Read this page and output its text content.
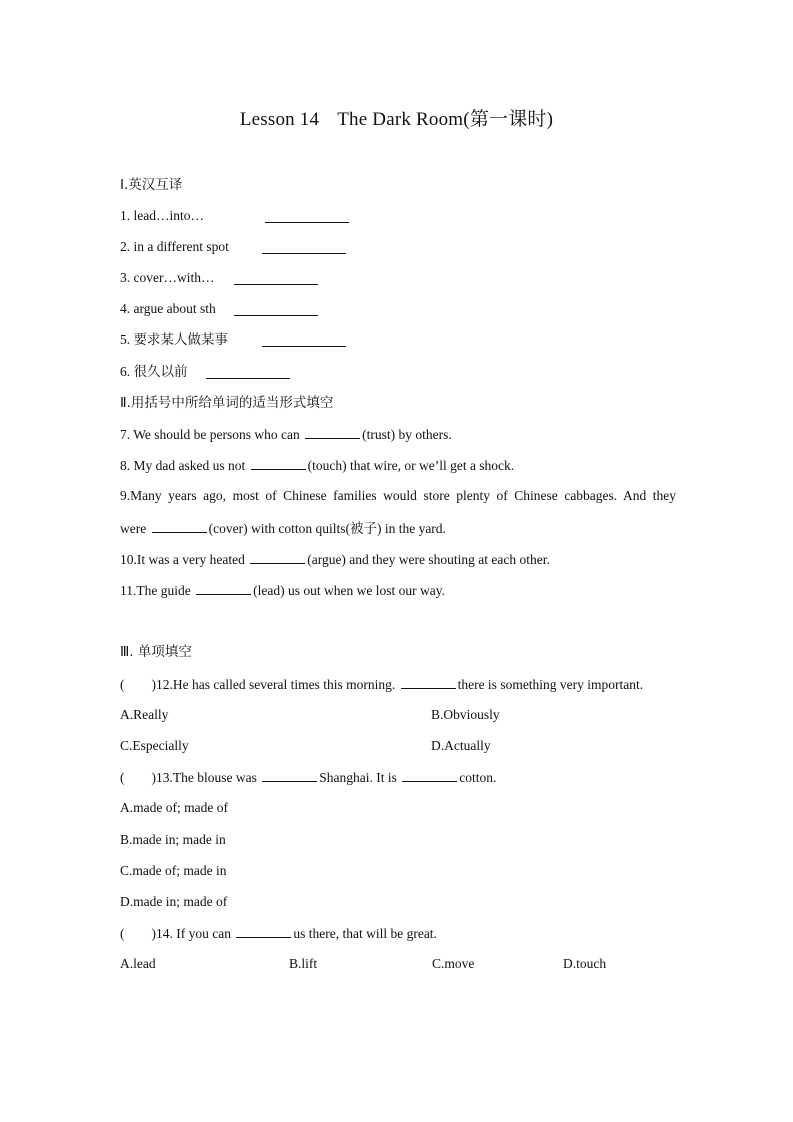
Lesson 14 The Dark Room(第一课时)
Ⅰ.英汉互译
1. lead…into…
2. in a different spot
3. cover…with…
4. argue about sth
5. 要求某人做某事
6. 很久以前
Ⅱ.用括号中所给单词的适当形式填空
7. We should be persons who can	(trust) by others.
8. My dad asked us not	(touch) that wire, or we’ll get a shock.
9.Many years ago, most of Chinese families would store plenty of Chinese cabbages. And they
were	(cover) with cotton quilts(被子) in the yard.
10.It was a very heated	(argue) and they were shouting at each other.
11.The guide	(lead) us out when we lost our way.
Ⅲ. 单项填空
(        )12.He has called several times this morning.	there is something very important.
A.Really	B.Obviously
C.Especially	D.Actually
(        )13.The blouse was	Shanghai. It is	cotton.
A.made of; made of
B.made in; made in
C.made of; made in
D.made in; made of
(        )14. If you can	us there, that will be great.
A.lead	B.lift	C.move	D.touch
